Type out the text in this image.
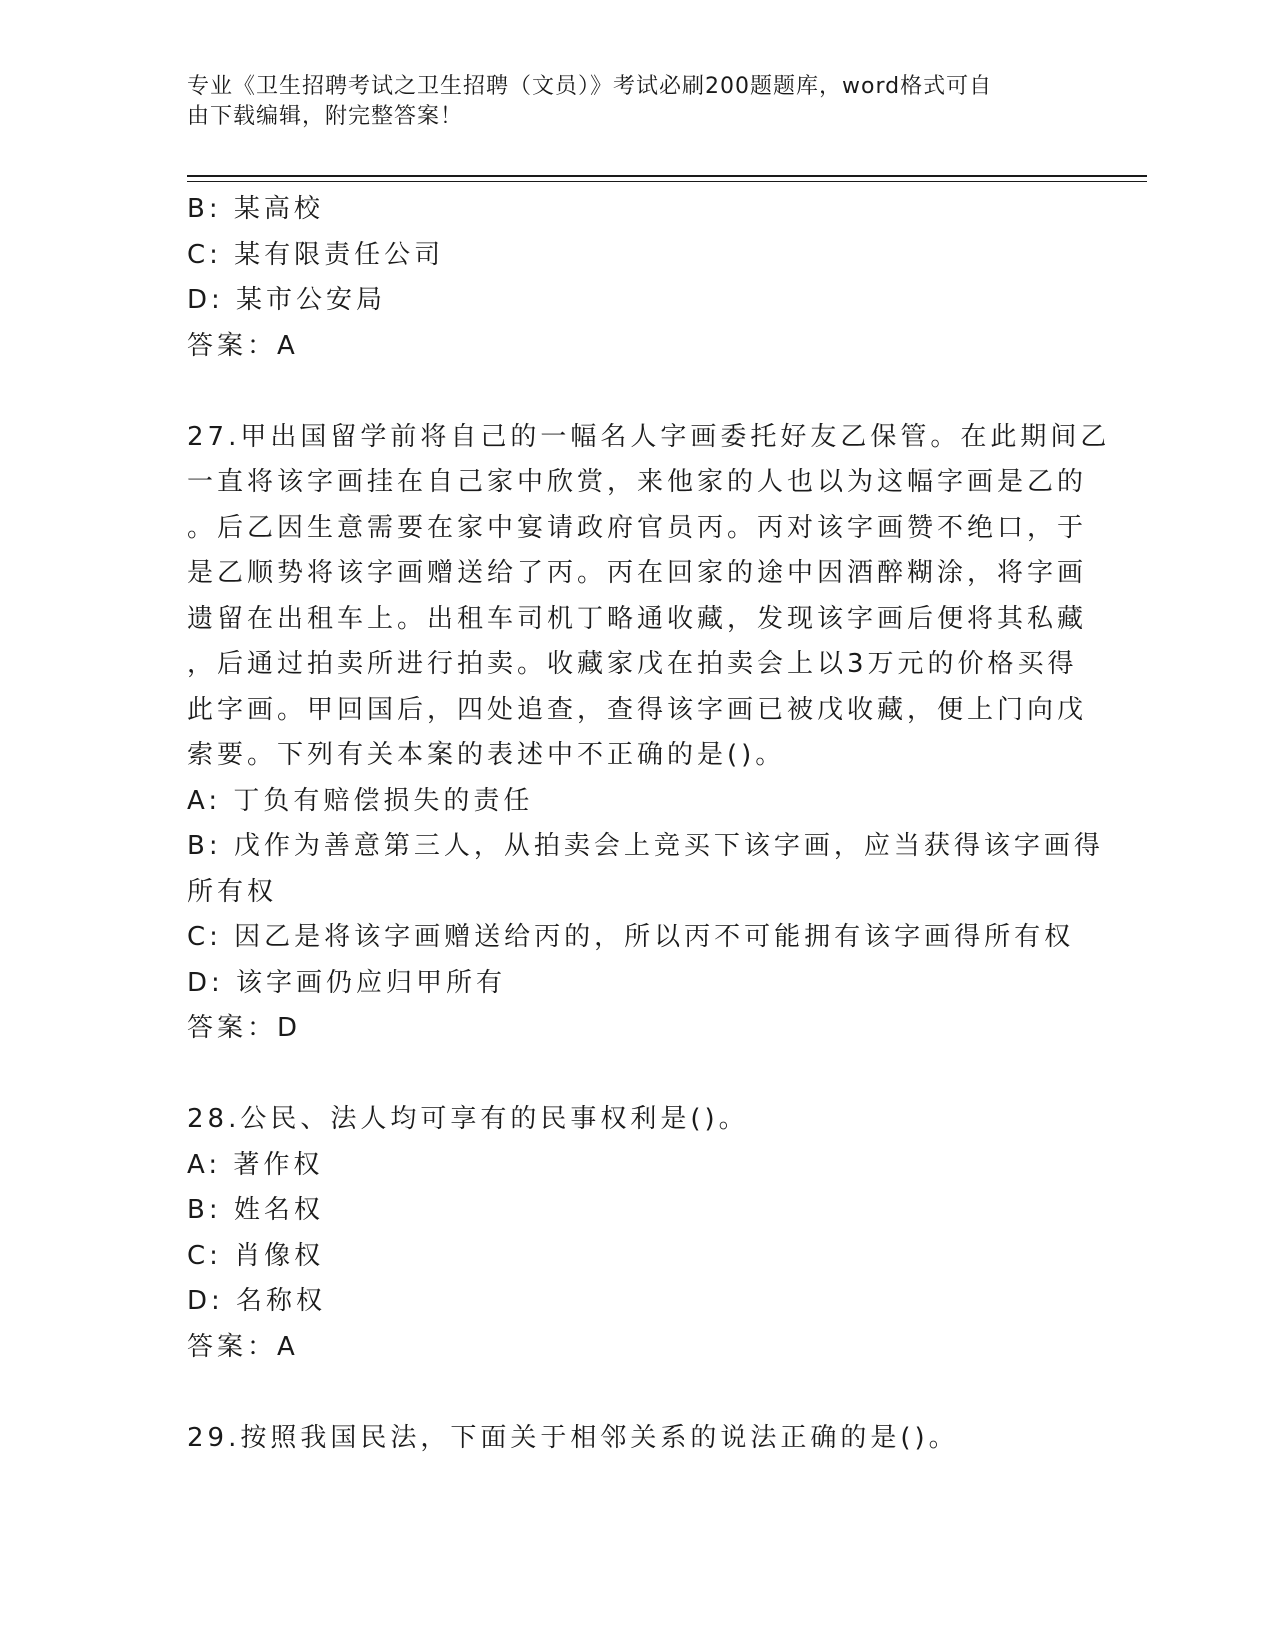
专业《卫生招聘考试之卫生招聘（文员）》考试必刷200题题库，word格式可自
由下载编辑，附完整答案！

B: 某高校

C: 某有限责任公司

D: 某市公安局

答案：A

27.甲出国留学前将自己的一幅名人字画委托好友乙保管。在此期间乙

一直将该字画挂在自己家中欣赏，来他家的人也以为这幅字画是乙的

。后乙因生意需要在家中宴请政府官员丙。丙对该字画赞不绝口，于

是乙顺势将该字画赠送给了丙。丙在回家的途中因酒醉糊涂，将字画

遗留在出租车上。出租车司机丁略通收藏，发现该字画后便将其私藏

，后通过拍卖所进行拍卖。收藏家戊在拍卖会上以3万元的价格买得

此字画。甲回国后，四处追查，查得该字画已被戊收藏，便上门向戊

索要。下列有关本案的表述中不正确的是()。

A: 丁负有赔偿损失的责任

B: 戊作为善意第三人，从拍卖会上竞买下该字画，应当获得该字画得

所有权

C: 因乙是将该字画赠送给丙的，所以丙不可能拥有该字画得所有权

D: 该字画仍应归甲所有

答案：D

28.公民、法人均可享有的民事权利是()。

A: 著作权

B: 姓名权

C: 肖像权

D: 名称权

答案：A

29.按照我国民法，下面关于相邻关系的说法正确的是()。
